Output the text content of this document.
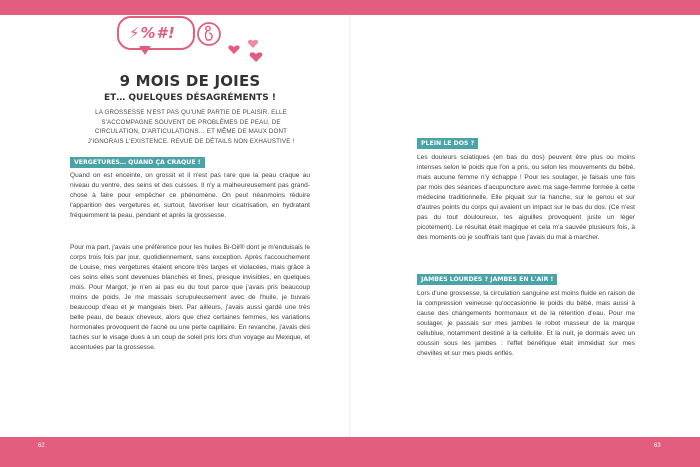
⚡%#!
9 MOIS DE JOIES
ET… QUELQUES DÉSAGRÉMENTS !
LA GROSSESSE N'EST PAS QU'UNE PARTIE DE PLAISIR. ELLE S'ACCOMPAGNE SOUVENT DE PROBLÈMES DE PEAU, DE CIRCULATION, D'ARTICULATIONS… ET MÊME DE MAUX DONT J'IGNORAIS L'EXISTENCE. REVUE DE DÉTAILS NON EXHAUSTIVE !
VERGETURES… QUAND ÇA CRAQUE !
Quand on est enceinte, on grossit et il n'est pas rare que la peau craque au niveau du ventre, des seins et des cuisses. Il n'y a malheureusement pas grand-chose à faire pour empêcher ce phénomène. On peut néanmoins réduire l'apparition des vergetures et, surtout, favoriser leur cicatrisation, en hydratant fréquemment la peau, pendant et après la grossesse.
Pour ma part, j'avais une préférence pour les huiles Bi-Oil® dont je m'enduisais le corps trois fois par jour, quotidiennement, sans exception. Après l'accouchement de Louise, mes vergetures étaient encore très larges et violacées, mais grâce à ces soins elles sont devenues blanches et fines, presque invisibles, en quelques mois. Pour Margot, je n'en ai pas eu du tout parce que j'avais pris beaucoup moins de poids. Je me massais scrupuleusement avec de l'huile, je buvais beaucoup d'eau et je mangeais bien. Par ailleurs, j'avais aussi gardé une très belle peau, de beaux cheveux, alors que chez certaines femmes, les variations hormonales provoquent de l'acné ou une perte capillaire. En revanche, j'avais des taches sur le visage dues à un coup de soleil pris lors d'un voyage au Mexique, et accentuées par la grossesse.
PLEIN LE DOS ?
Les douleurs sciatiques (en bas du dos) peuvent être plus ou moins intenses selon le poids que l'on a pris, ou selon les mouvements du bébé, mais aucune femme n'y échappe ! Pour les soulager, je faisais une fois par mois des séances d'acupuncture avec ma sage-femme formée à cette médecine traditionnelle. Elle piquait sur la hanche, sur le genou et sur d'autres points du corps qui avaient un impact sur le bas du dos. (Ce n'est pas du tout douloureux, les aiguilles provoquent juste un léger picotement). Le résultat était magique et cela m'a sauvée plusieurs fois, à des moments où je souffrais tant que j'avais du mal à marcher.
JAMBES LOURDES ? JAMBES EN L'AIR !
Lors d'une grossesse, la circulation sanguine est moins fluide en raison de la compression veineuse qu'occasionne le poids du bébé, mais aussi à cause des changements hormonaux et de la rétention d'eau. Pour me soulager, je passais sur mes jambes le robot masseur de la marque cellublue, notamment destiné à la cellulite. Et la nuit, je dormais avec un coussin sous les jambes : l'effet bénéfique était immédiat sur mes chevilles et sur mes pieds enflés.
62	63
